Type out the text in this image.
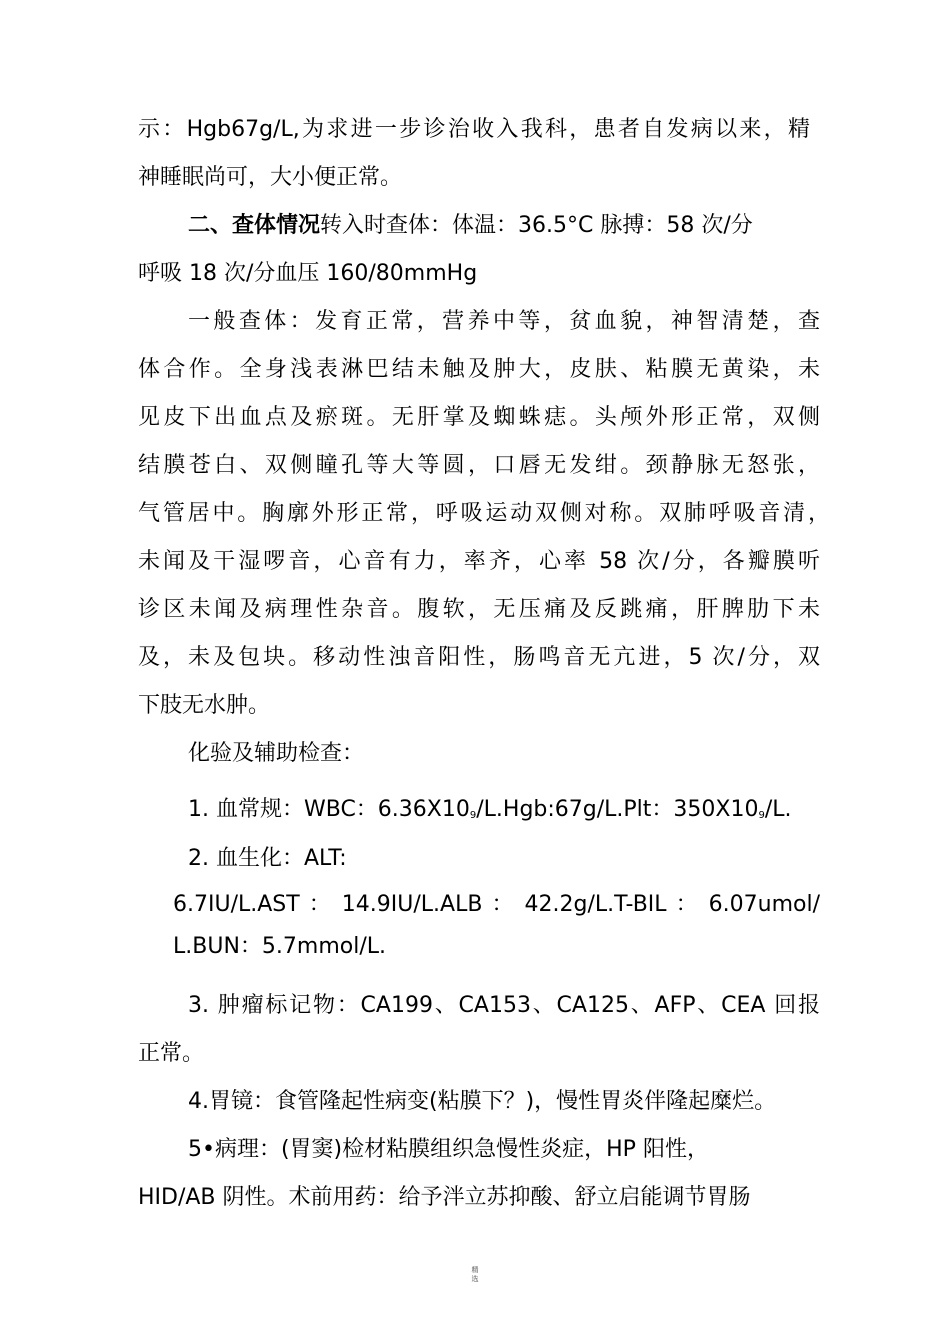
示：Hgb67g/L,为求进一步诊治收入我科，患者自发病以来，精
神睡眠尚可，大小便正常。
二、查体情况转入时查体：体温：36.5°C 脉搏：58 次/分
呼吸 18 次/分血压 160/80mmHg
一般查体：发育正常，营养中等，贫血貌，神智清楚，查
体合作。全身浅表淋巴结未触及肿大，皮肤、粘膜无黄染，未
见皮下出血点及瘀斑。无肝掌及蜘蛛痣。头颅外形正常，双侧
结膜苍白、双侧瞳孔等大等圆，口唇无发绀。颈静脉无怒张，
气管居中。胸廓外形正常，呼吸运动双侧对称。双肺呼吸音清，
未闻及干湿啰音，心音有力，率齐，心率 58 次/分，各瓣膜听
诊区未闻及病理性杂音。腹软，无压痛及反跳痛，肝脾肋下未
及，未及包块。移动性浊音阳性，肠鸣音无亢进，5 次/分，双
下肢无水肿。
化验及辅助检查：
1. 血常规：WBC：6.36X109/L.Hgb:67g/L.Plt：350X109/L.
2. 血生化：ALT:
6.7IU/L.AST ： 14.9IU/L.ALB ： 42.2g/L.T-BIL ： 6.07umol/
L.BUN：5.7mmol/L.
3. 肿瘤标记物：CA199、CA153、CA125、AFP、CEA 回报
正常。
4.胃镜：食管隆起性病变(粘膜下？)，慢性胃炎伴隆起糜烂。
5•病理：(胃窦)检材粘膜组织急慢性炎症，HP 阳性，
HID/AB 阴性。术前用药：给予泮立苏抑酸、舒立启能调节胃肠
精
选
